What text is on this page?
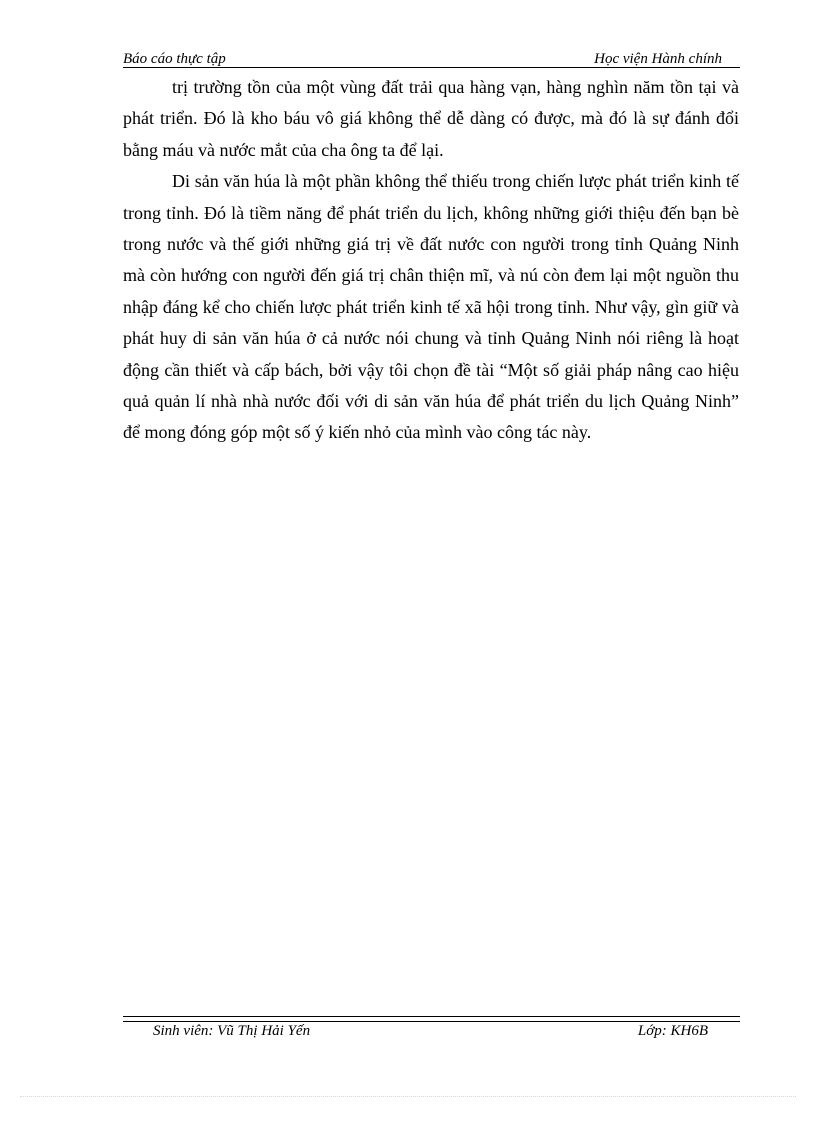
Báo cáo thực tập	Học viện Hành chính

trị trường tồn của một vùng đất trải qua hàng vạn, hàng nghìn năm tồn tại và phát triển. Đó là kho báu vô giá không thể dễ dàng có được, mà đó là sự đánh đổi bằng máu và nước mắt của cha ông ta để lại.

Di sản văn húa là một phần không thể thiếu trong chiến lược phát triển kinh tế trong tỉnh. Đó là tiềm năng để phát triển du lịch, không những giới thiệu đến bạn bè trong nước và thế giới những giá trị về đất nước con người trong tỉnh Quảng Ninh mà còn hướng con người đến giá trị chân thiện mĩ, và nú còn đem lại một nguồn thu nhập đáng kể cho chiến lược phát triển kinh tế xã hội trong tỉnh. Như vậy, gìn giữ và phát huy di sản văn húa ở cả nước nói chung và tỉnh Quảng Ninh nói riêng là hoạt động cần thiết và cấp bách, bởi vậy tôi chọn đề tài “Một số giải pháp nâng cao hiệu quả quản lí nhà nhà nước đối với di sản văn húa để phát triển du lịch Quảng Ninh” để mong đóng góp một số ý kiến nhỏ của mình vào công tác này.

Sinh viên: Vũ Thị Hải Yến	Lớp: KH6B
